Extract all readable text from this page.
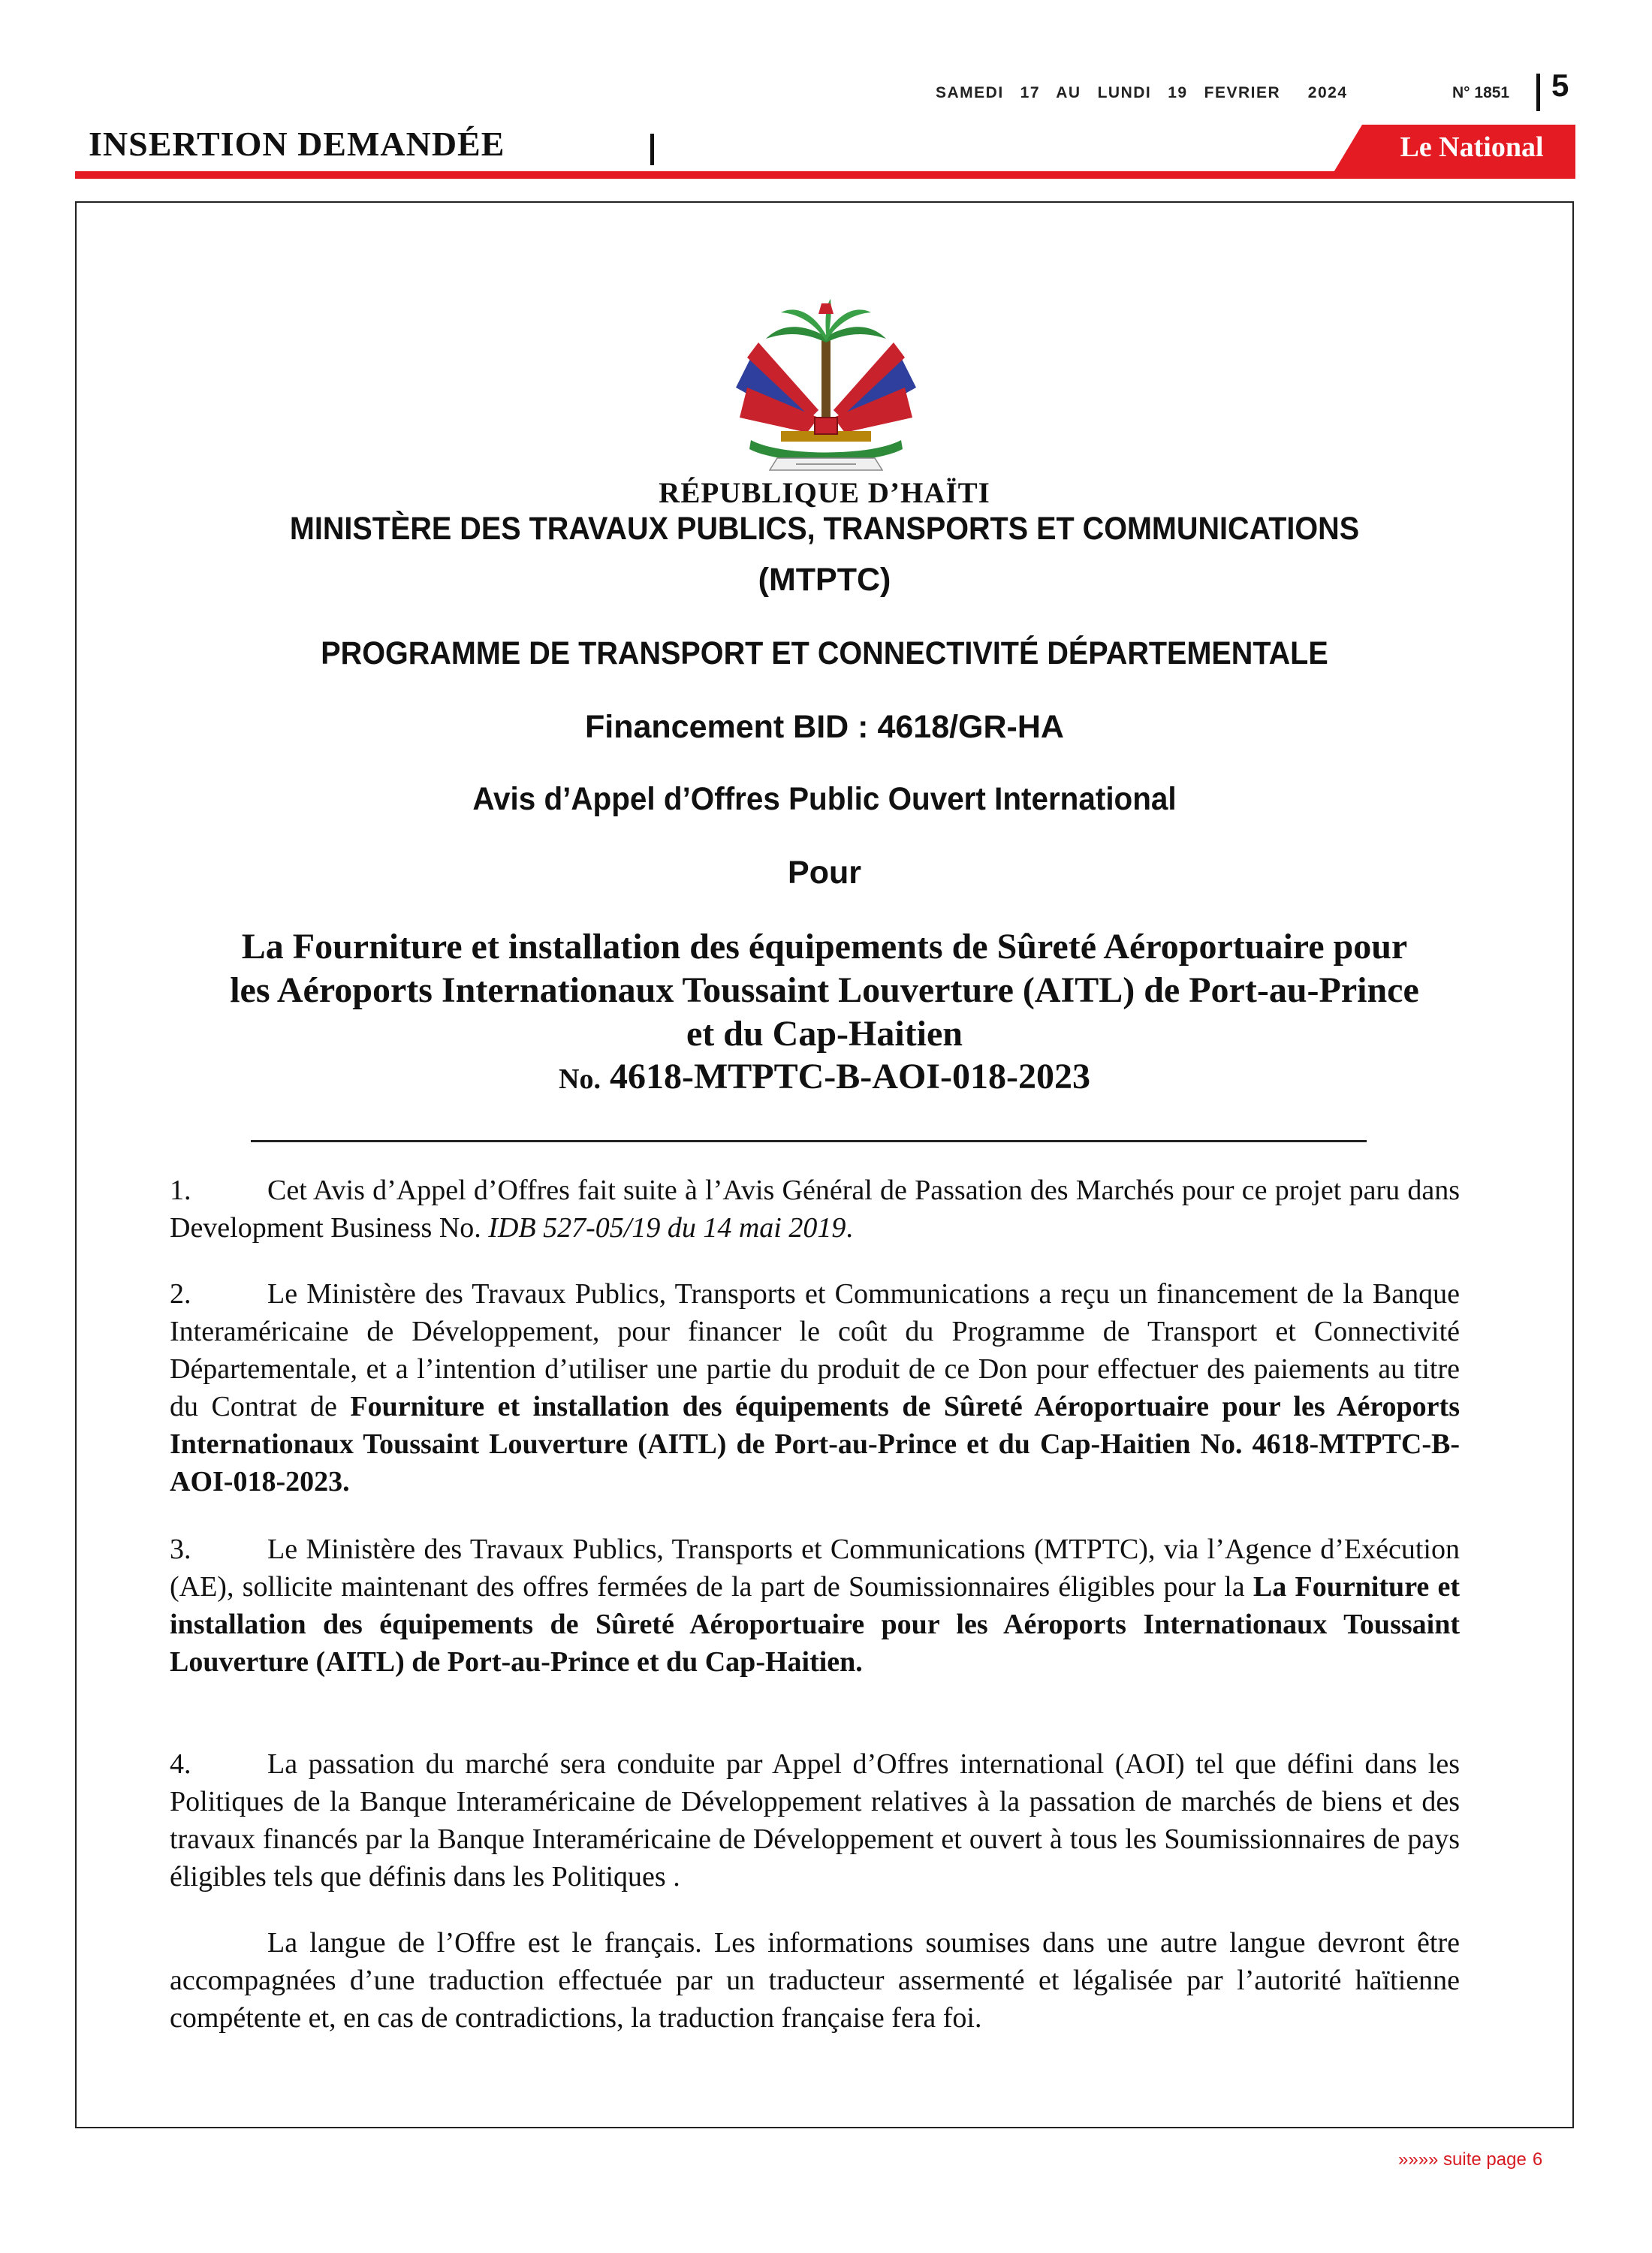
SAMEDI   17   AU   LUNDI   19   FEVRIER     2024	N° 1851 5
INSERTION DEMANDÉE	Le National
RÉPUBLIQUE D’HAÏTI
MINISTÈRE DES TRAVAUX PUBLICS, TRANSPORTS ET COMMUNICATIONS
(MTPTC)
PROGRAMME DE TRANSPORT ET CONNECTIVITÉ DÉPARTEMENTALE
Financement BID : 4618/GR-HA
Avis d’Appel d’Offres Public Ouvert International
Pour
La Fourniture et installation des équipements de Sûreté Aéroportuaire pour
les Aéroports Internationaux Toussaint Louverture (AITL) de Port-au-Prince
et du Cap-Haitien
No. 4618-MTPTC-B-AOI-018-2023

1.	Cet Avis d’Appel d’Offres fait suite à l’Avis Général de Passation des Marchés pour ce projet paru dans Development Business No. IDB 527-05/19 du 14 mai 2019.

2.	Le Ministère des Travaux Publics, Transports et Communications a reçu un financement de la Banque Interaméricaine de Développement, pour financer le coût du Programme de Transport et Connectivité Départementale, et a l’intention d’utiliser une partie du produit de ce Don pour effectuer des paiements au titre du Contrat de Fourniture et installation des équipements de Sûreté Aéroportuaire pour les Aéroports Internationaux Toussaint Louverture (AITL) de Port-au-Prince et du Cap-Haitien No. 4618-MTPTC-B-AOI-018-2023.

3.	Le Ministère des Travaux Publics, Transports et Communications (MTPTC), via l’Agence d’Exécution (AE), sollicite maintenant des offres fermées de la part de Soumissionnaires éligibles pour la La Fourniture et installation des équipements de Sûreté Aéroportuaire pour les Aéroports Internationaux Toussaint Louverture (AITL) de Port-au-Prince et du Cap-Haitien.

4.	La passation du marché sera conduite par Appel d’Offres international (AOI) tel que défini dans les Politiques de la Banque Interaméricaine de Développement relatives à la passation de marchés de biens et des travaux financés par la Banque Interaméricaine de Développement et ouvert à tous les Soumissionnaires de pays éligibles tels que définis dans les Politiques .

La langue de l’Offre est le français. Les informations soumises dans une autre langue devront être accompagnées d’une traduction effectuée par un traducteur assermenté et légalisée par l’autorité haïtienne compétente et, en cas de contradictions, la traduction française fera foi.

»»»» suite page 6
